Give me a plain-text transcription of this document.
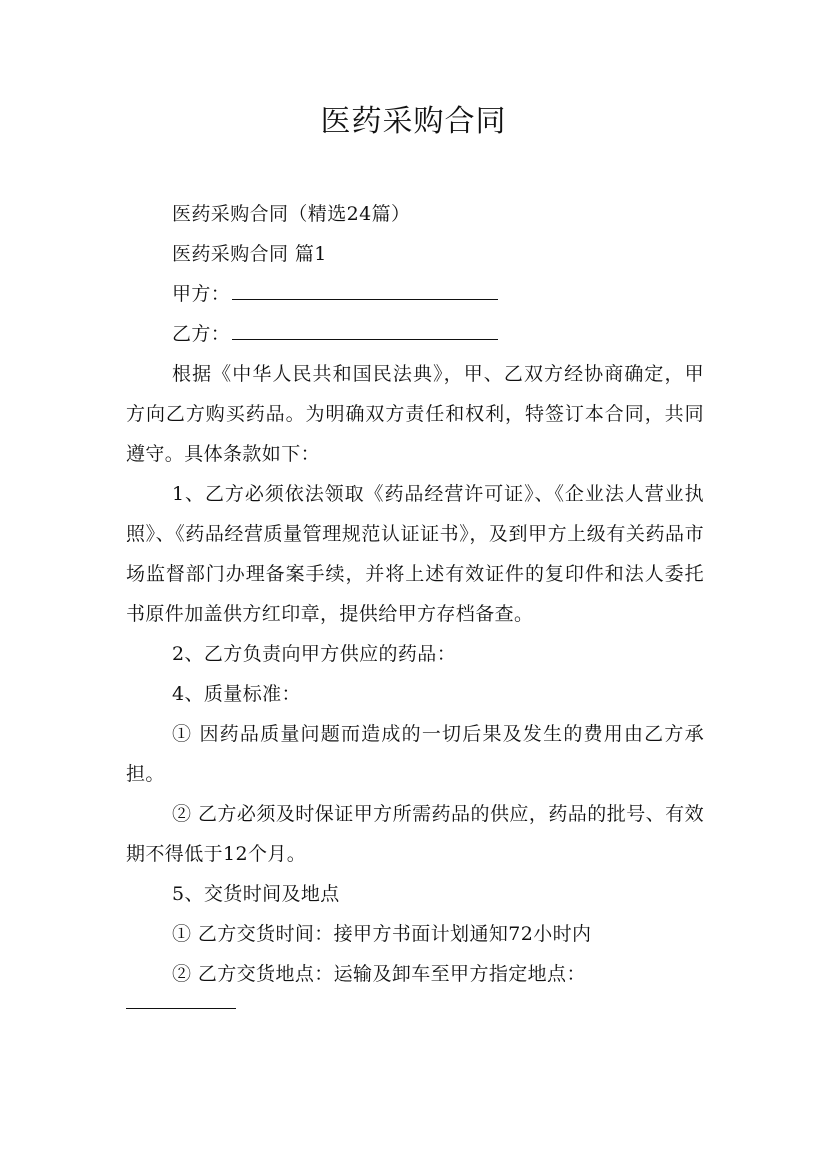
医药采购合同

医药采购合同（精选24篇）

医药采购合同 篇1

甲方：

乙方：

根据《中华人民共和国民法典》，甲、乙双方经协商确定，甲方向乙方购买药品。为明确双方责任和权利，特签订本合同，共同遵守。具体条款如下：

1、乙方必须依法领取《药品经营许可证》、《企业法人营业执照》、《药品经营质量管理规范认证证书》，及到甲方上级有关药品市场监督部门办理备案手续，并将上述有效证件的复印件和法人委托书原件加盖供方红印章，提供给甲方存档备查。

2、乙方负责向甲方供应的药品：

4、质量标准：

① 因药品质量问题而造成的一切后果及发生的费用由乙方承担。

② 乙方必须及时保证甲方所需药品的供应，药品的批号、有效期不得低于12个月。

5、交货时间及地点

① 乙方交货时间：接甲方书面计划通知72小时内

② 乙方交货地点：运输及卸车至甲方指定地点：
